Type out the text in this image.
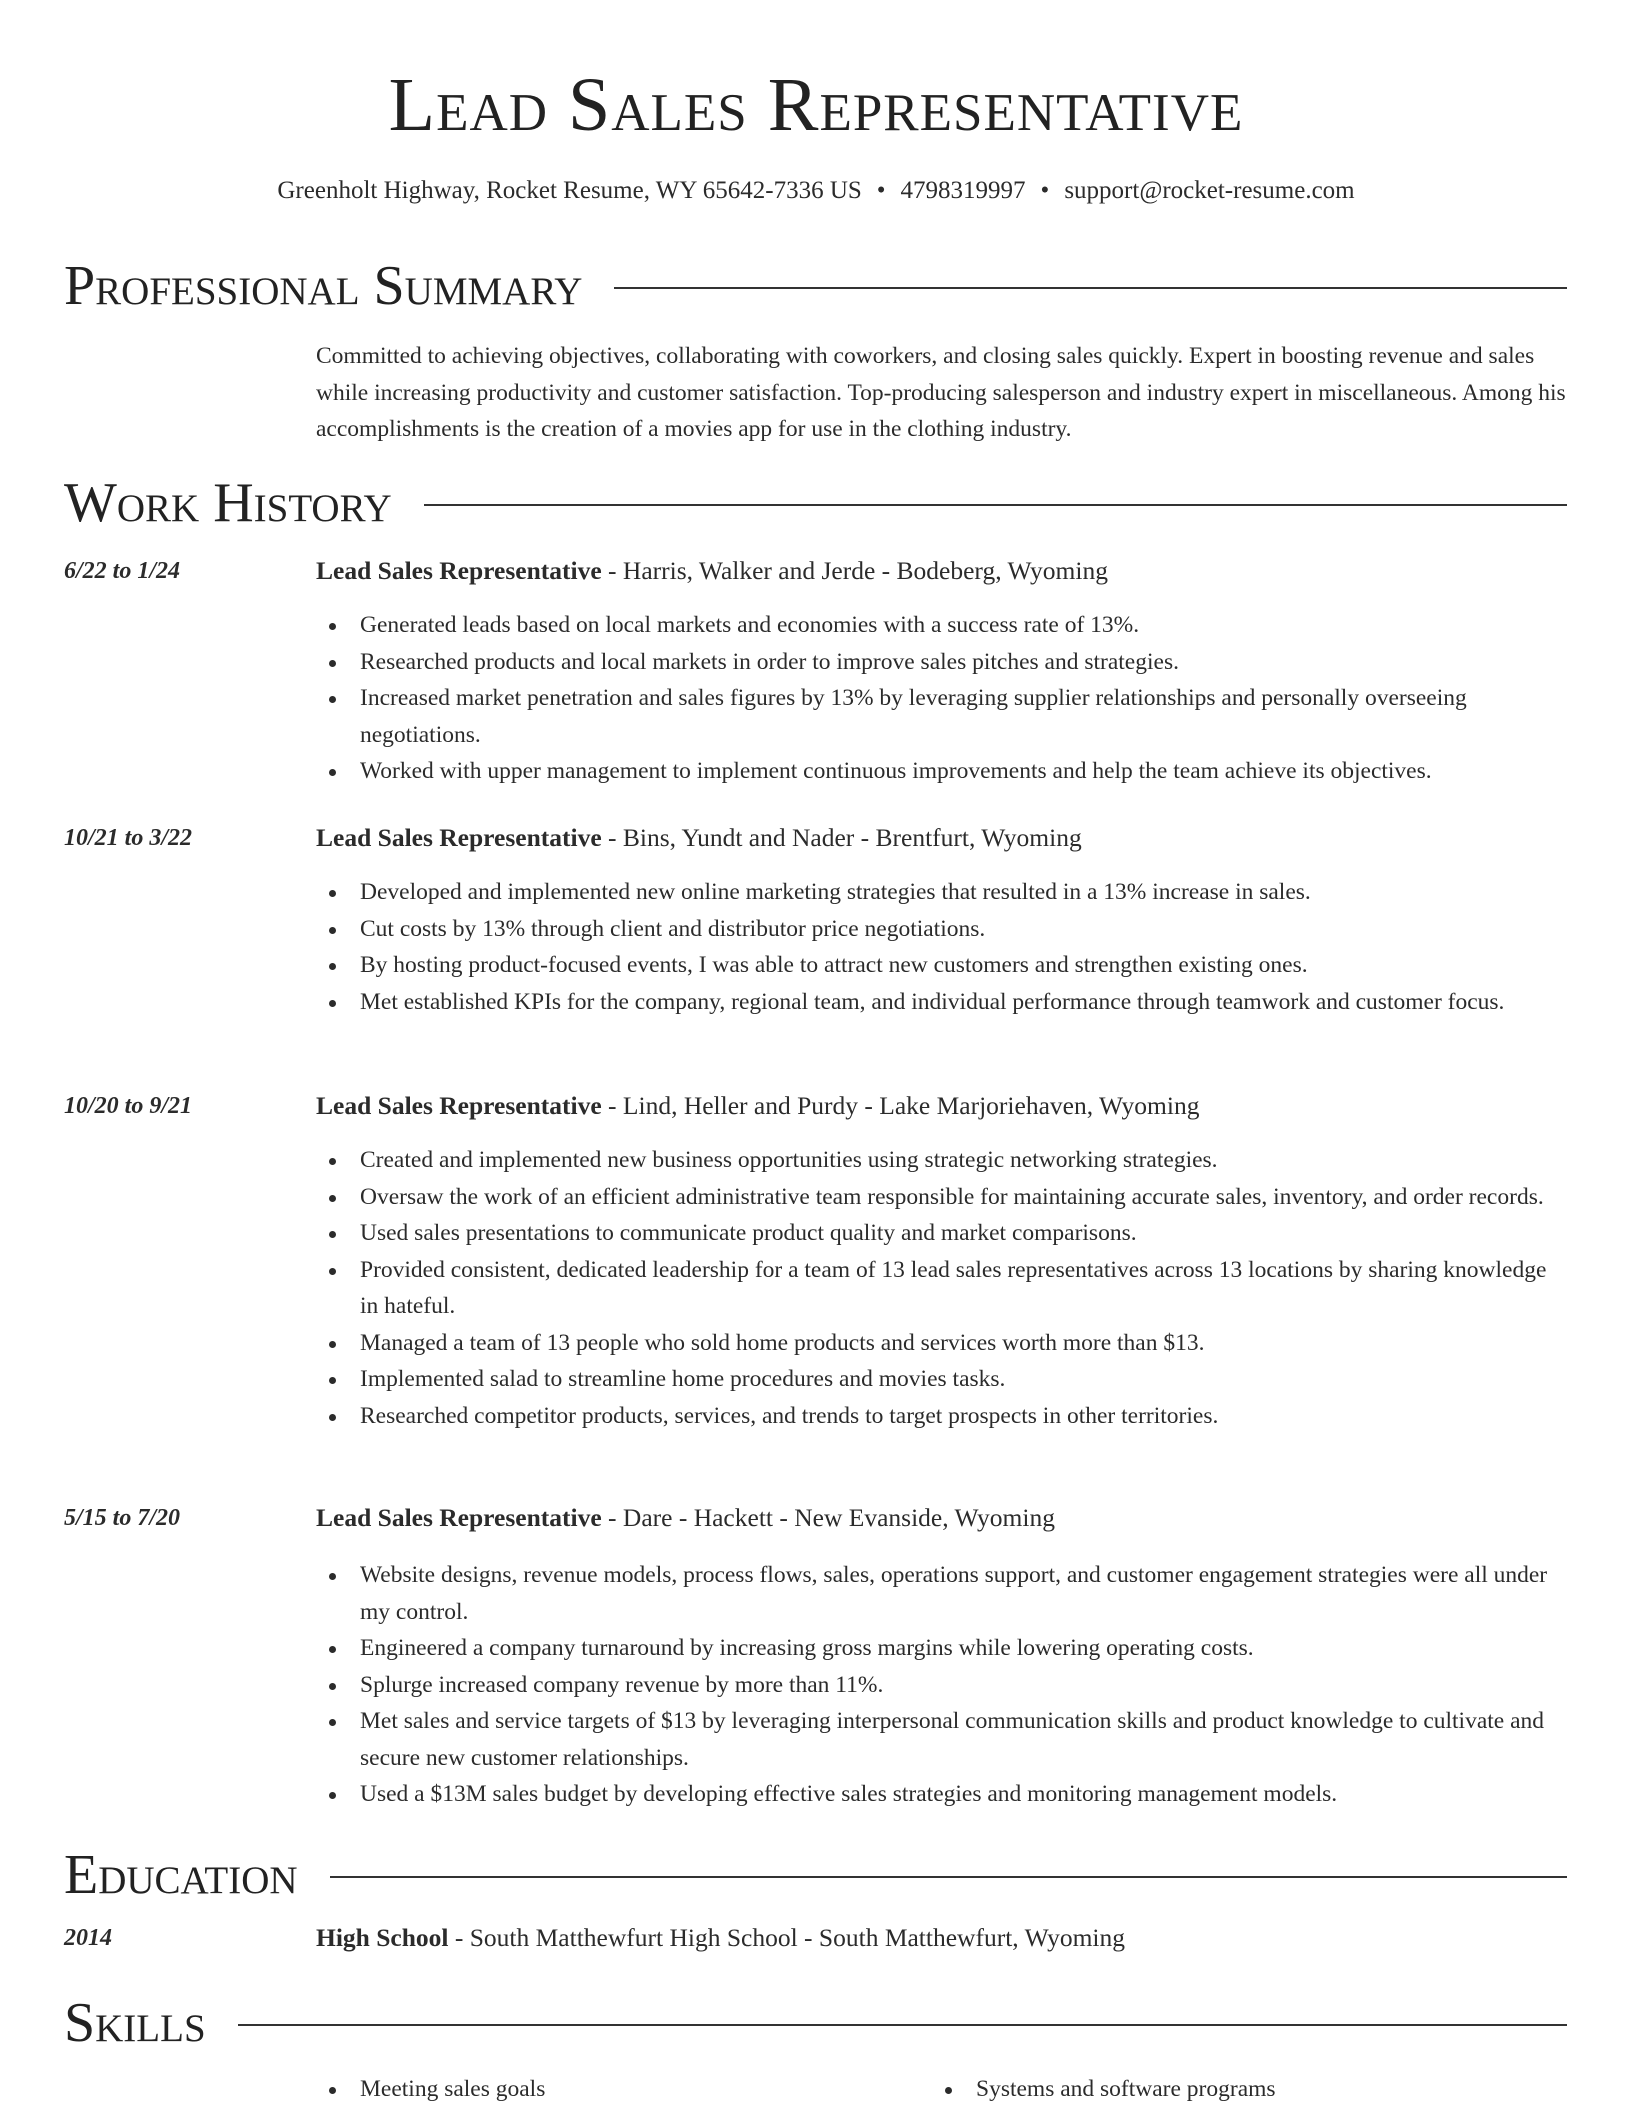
Lead Sales Representative
Greenholt Highway, Rocket Resume, WY 65642-7336 US • 4798319997 • support@rocket-resume.com
Professional Summary

Committed to achieving objectives, collaborating with coworkers, and closing sales quickly. Expert in boosting revenue and sales while increasing productivity and customer satisfaction. Top-producing salesperson and industry expert in miscellaneous. Among his accomplishments is the creation of a movies app for use in the clothing industry.

Work History
6/22 to 1/24	Lead Sales Representative - Harris, Walker and Jerde - Bodeberg, Wyoming
Generated leads based on local markets and economies with a success rate of 13%.
Researched products and local markets in order to improve sales pitches and strategies.
Increased market penetration and sales figures by 13% by leveraging supplier relationships and personally overseeing negotiations.
Worked with upper management to implement continuous improvements and help the team achieve its objectives.
10/21 to 3/22	Lead Sales Representative - Bins, Yundt and Nader - Brentfurt, Wyoming
Developed and implemented new online marketing strategies that resulted in a 13% increase in sales.
Cut costs by 13% through client and distributor price negotiations.
By hosting product-focused events, I was able to attract new customers and strengthen existing ones.
Met established KPIs for the company, regional team, and individual performance through teamwork and customer focus.
10/20 to 9/21	Lead Sales Representative - Lind, Heller and Purdy - Lake Marjoriehaven, Wyoming
Created and implemented new business opportunities using strategic networking strategies.
Oversaw the work of an efficient administrative team responsible for maintaining accurate sales, inventory, and order records.
Used sales presentations to communicate product quality and market comparisons.
Provided consistent, dedicated leadership for a team of 13 lead sales representatives across 13 locations by sharing knowledge in hateful.
Managed a team of 13 people who sold home products and services worth more than $13.
Implemented salad to streamline home procedures and movies tasks.
Researched competitor products, services, and trends to target prospects in other territories.
5/15 to 7/20	Lead Sales Representative - Dare - Hackett - New Evanside, Wyoming
Website designs, revenue models, process flows, sales, operations support, and customer engagement strategies were all under my control.
Engineered a company turnaround by increasing gross margins while lowering operating costs.
Splurge increased company revenue by more than 11%.
Met sales and service targets of $13 by leveraging interpersonal communication skills and product knowledge to cultivate and secure new customer relationships.
Used a $13M sales budget by developing effective sales strategies and monitoring management models.
Education
2014	High School - South Matthewfurt High School - South Matthewfurt, Wyoming
Skills
Meeting sales goals	Systems and software programs
